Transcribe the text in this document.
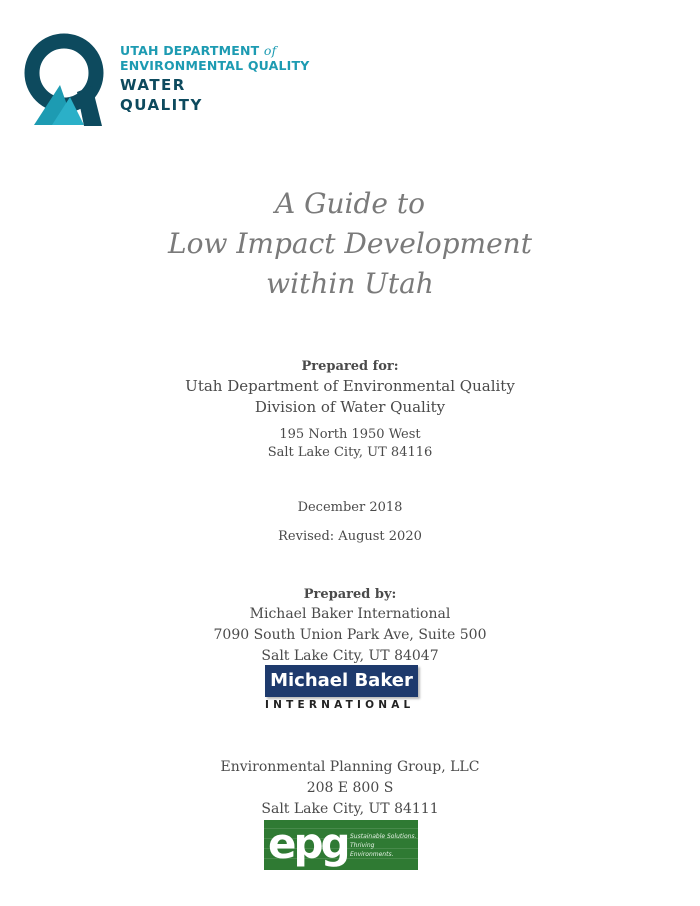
UTAH DEPARTMENT of
ENVIRONMENTAL QUALITY
WATER
QUALITY
A Guide to
Low Impact Development
within Utah
Prepared for:
Utah Department of Environmental Quality
Division of Water Quality
195 North 1950 West
Salt Lake City, UT 84116
December 2018
Revised: August 2020
Prepared by:
Michael Baker International
7090 South Union Park Ave, Suite 500
Salt Lake City, UT 84047
Michael Baker
INTERNATIONAL
Environmental Planning Group, LLC
208 E 800 S
Salt Lake City, UT 84111
epg Sustainable Solutions.
Thriving Environments.
